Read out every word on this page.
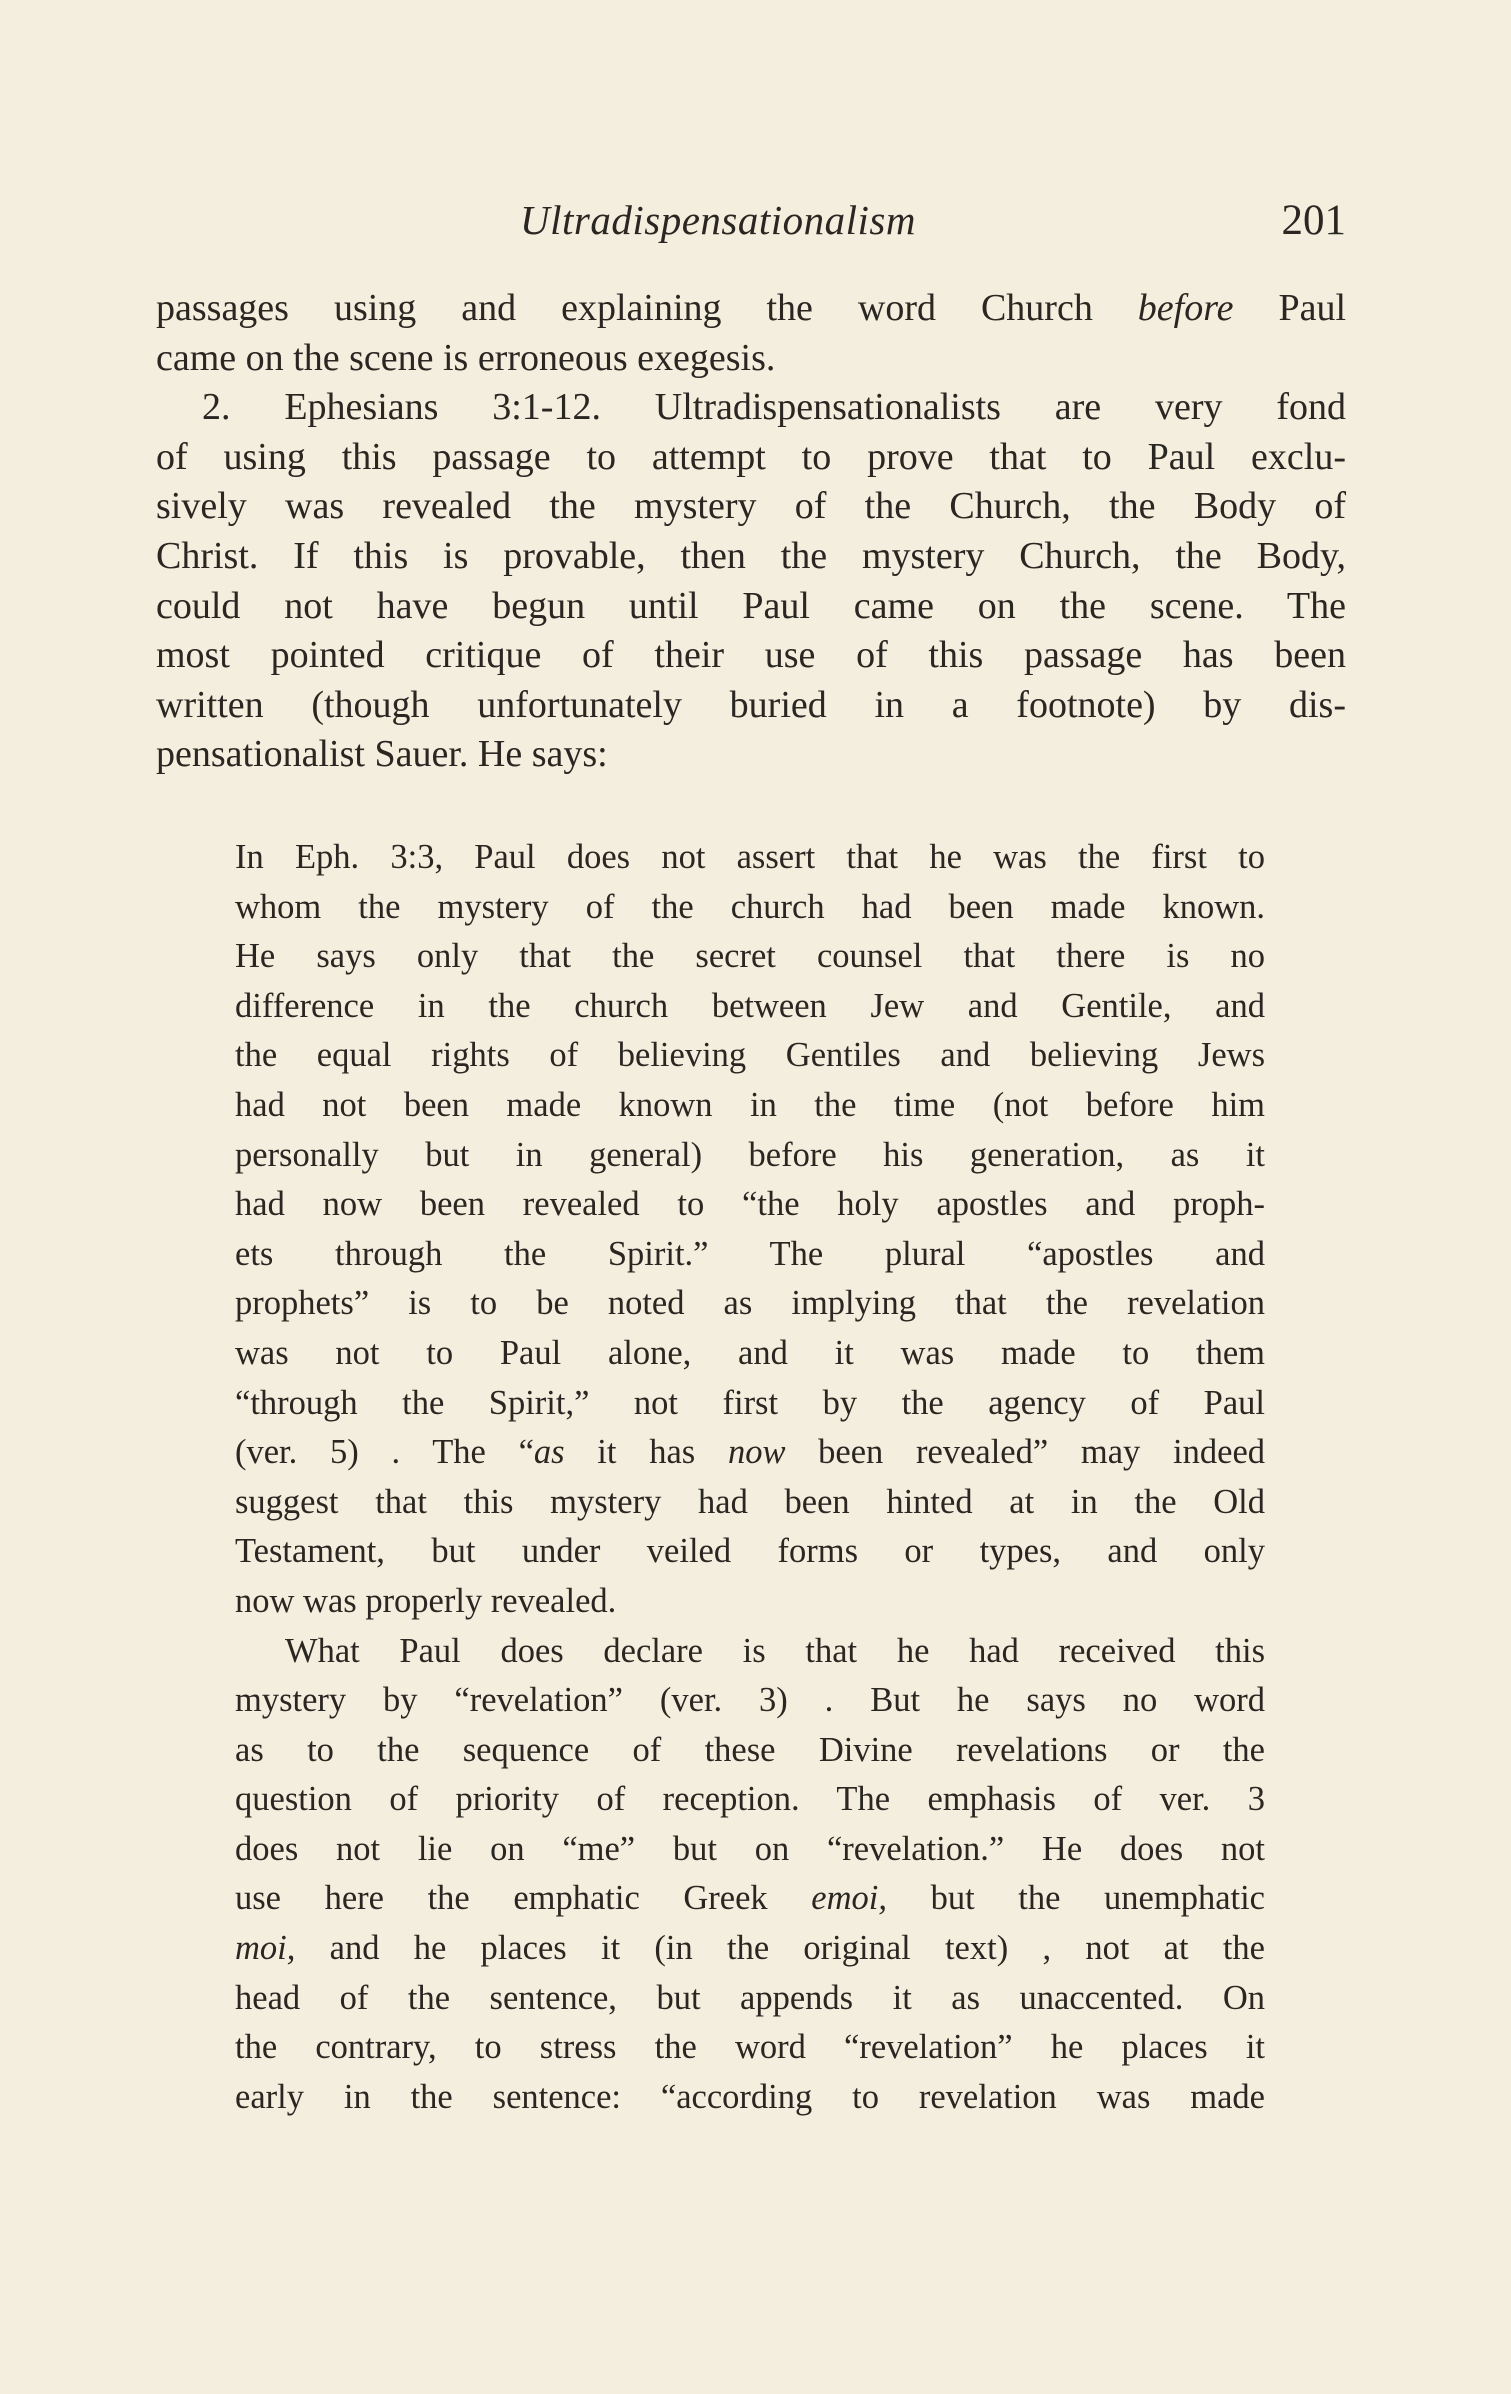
Ultradispensationalism	201

passages using and explaining the word Church before Paul
came on the scene is erroneous exegesis.

2. Ephesians 3:1-12. Ultradispensationalists are very fond
of using this passage to attempt to prove that to Paul exclu-
sively was revealed the mystery of the Church, the Body of
Christ. If this is provable, then the mystery Church, the Body,
could not have begun until Paul came on the scene. The
most pointed critique of their use of this passage has been
written (though unfortunately buried in a footnote) by dis-
pensationalist Sauer. He says:

In Eph. 3:3, Paul does not assert that he was the first to
whom the mystery of the church had been made known.
He says only that the secret counsel that there is no
difference in the church between Jew and Gentile, and
the equal rights of believing Gentiles and believing Jews
had not been made known in the time (not before him
personally but in general) before his generation, as it
had now been revealed to “the holy apostles and proph-
ets through the Spirit.” The plural “apostles and
prophets” is to be noted as implying that the revelation
was not to Paul alone, and it was made to them
“through the Spirit,” not first by the agency of Paul
(ver. 5) . The “as it has now been revealed” may indeed
suggest that this mystery had been hinted at in the Old
Testament, but under veiled forms or types, and only
now was properly revealed.

What Paul does declare is that he had received this
mystery by “revelation” (ver. 3) . But he says no word
as to the sequence of these Divine revelations or the
question of priority of reception. The emphasis of ver. 3
does not lie on “me” but on “revelation.” He does not
use here the emphatic Greek emoi, but the unemphatic
moi, and he places it (in the original text) , not at the
head of the sentence, but appends it as unaccented. On
the contrary, to stress the word “revelation” he places it
early in the sentence: “according to revelation was made
